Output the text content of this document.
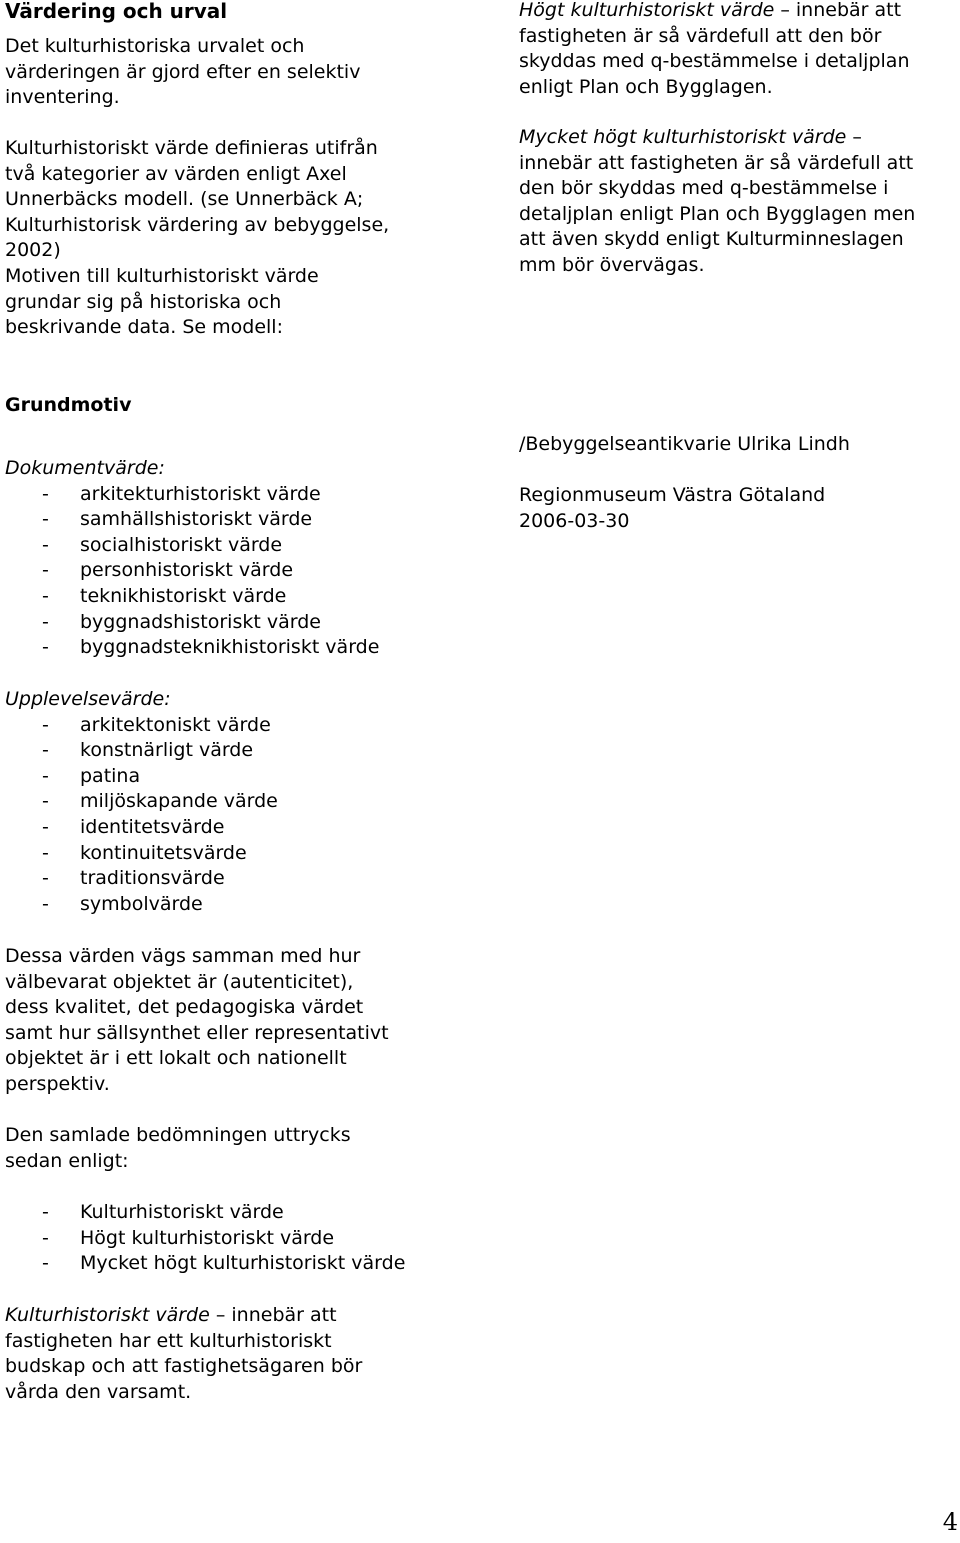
Värdering och urval
Det kulturhistoriska urvalet och
värderingen är gjord efter en selektiv
inventering.
Kulturhistoriskt värde definieras utifrån
två kategorier av värden enligt Axel
Unnerbäcks modell. (se Unnerbäck A;
Kulturhistorisk värdering av bebyggelse,
2002)
Motiven till kulturhistoriskt värde
grundar sig på historiska och
beskrivande data. Se modell:
Högt kulturhistoriskt värde – innebär att
fastigheten är så värdefull att den bör
skyddas med q-bestämmelse i detaljplan
enligt Plan och Bygglagen.
Mycket högt kulturhistoriskt värde –
innebär att fastigheten är så värdefull att
den bör skyddas med q-bestämmelse i
detaljplan enligt Plan och Bygglagen men
att även skydd enligt Kulturminneslagen
mm bör övervägas.
Grundmotiv
Dokumentvärde:
- arkitekturhistoriskt värde
- samhällshistoriskt värde
- socialhistoriskt värde
- personhistoriskt värde
- teknikhistoriskt värde
- byggnadshistoriskt värde
- byggnadsteknikhistoriskt värde
Upplevelsevärde:
- arkitektoniskt värde
- konstnärligt värde
- patina
- miljöskapande värde
- identitetsvärde
- kontinuitetsvärde
- traditionsvärde
- symbolvärde
Dessa värden vägs samman med hur
välbevarat objektet är (autenticitet),
dess kvalitet, det pedagogiska värdet
samt hur sällsynthet eller representativt
objektet är i ett lokalt och nationellt
perspektiv.
Den samlade bedömningen uttrycks
sedan enligt:
- Kulturhistoriskt värde
- Högt kulturhistoriskt värde
- Mycket högt kulturhistoriskt värde
Kulturhistoriskt värde – innebär att
fastigheten har ett kulturhistoriskt
budskap och att fastighetsägaren bör
vårda den varsamt.
/Bebyggelseantikvarie Ulrika Lindh
Regionmuseum Västra Götaland
2006-03-30
4
